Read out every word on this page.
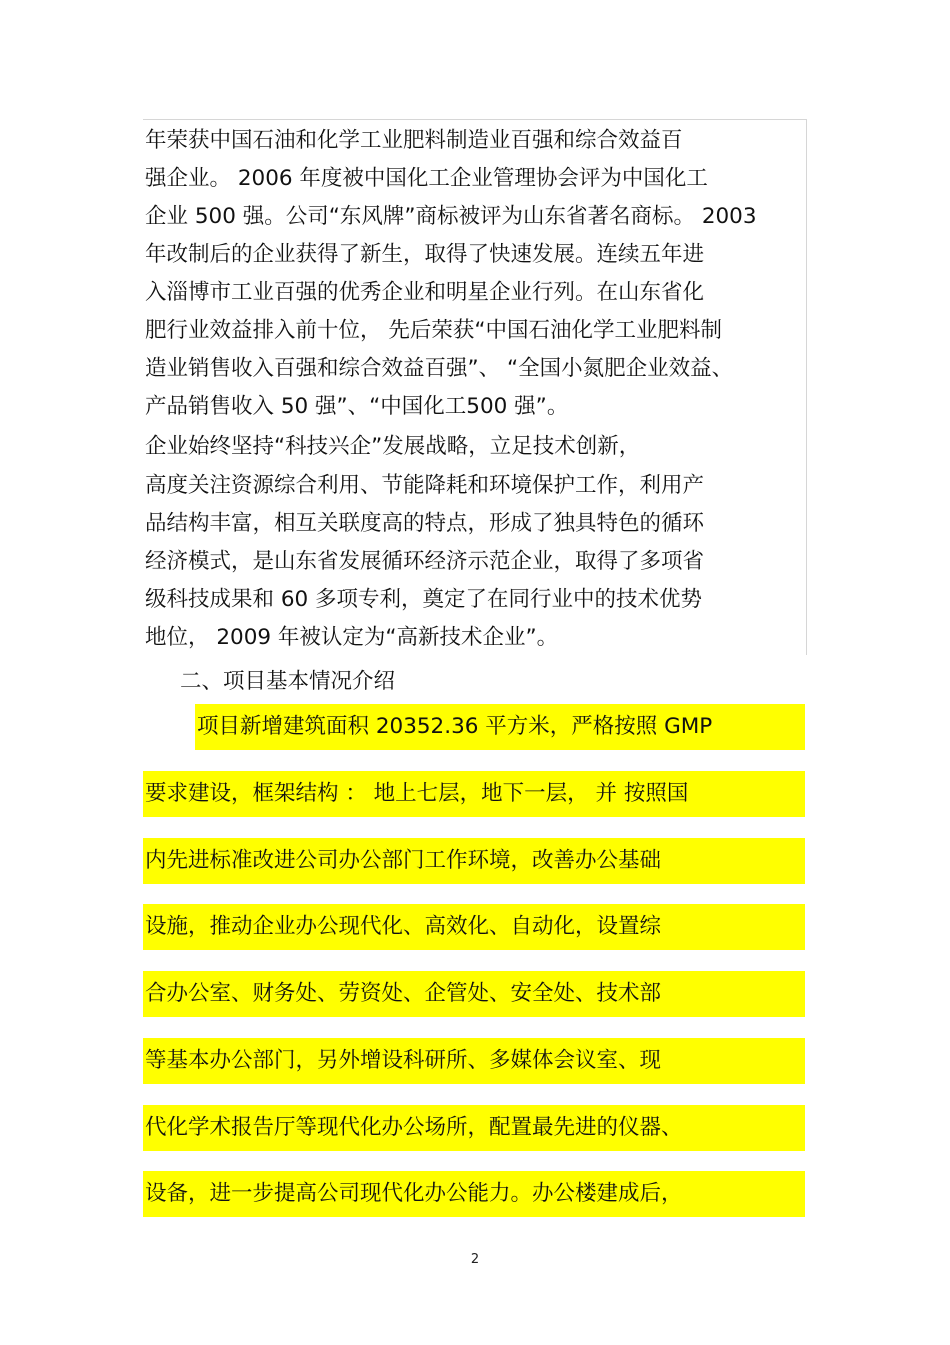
年荣获中国石油和化学工业肥料制造业百强和综合效益百
强企业。 2006 年度被中国化工企业管理协会评为中国化工
企业 500 强。公司“东风牌”商标被评为山东省著名商标。 2003
年改制后的企业获得了新生，取得了快速发展。连续五年进
入淄博市工业百强的优秀企业和明星企业行列。在山东省化
肥行业效益排入前十位， 先后荣获“中国石油化学工业肥料制
造业销售收入百强和综合效益百强”、 “全国小氮肥企业效益、
产品销售收入 50 强”、“中国化工500 强”。
企业始终坚持“科技兴企”发展战略，立足技术创新，
高度关注资源综合利用、节能降耗和环境保护工作，利用产
品结构丰富，相互关联度高的特点，形成了独具特色的循环
经济模式，是山东省发展循环经济示范企业，取得了多项省
级科技成果和 60 多项专利，奠定了在同行业中的技术优势
地位， 2009 年被认定为“高新技术企业”。
二、项目基本情况介绍
项目新增建筑面积 20352.36 平方米，严格按照 GMP
要求建设，框架结构 ： 地上七层，地下一层， 并 按照国
内先进标准改进公司办公部门工作环境，改善办公基础
设施，推动企业办公现代化、高效化、自动化，设置综
合办公室、财务处、劳资处、企管处、安全处、技术部
等基本办公部门，另外增设科研所、多媒体会议室、现
代化学术报告厅等现代化办公场所，配置最先进的仪器、
设备，进一步提高公司现代化办公能力。办公楼建成后，
2
